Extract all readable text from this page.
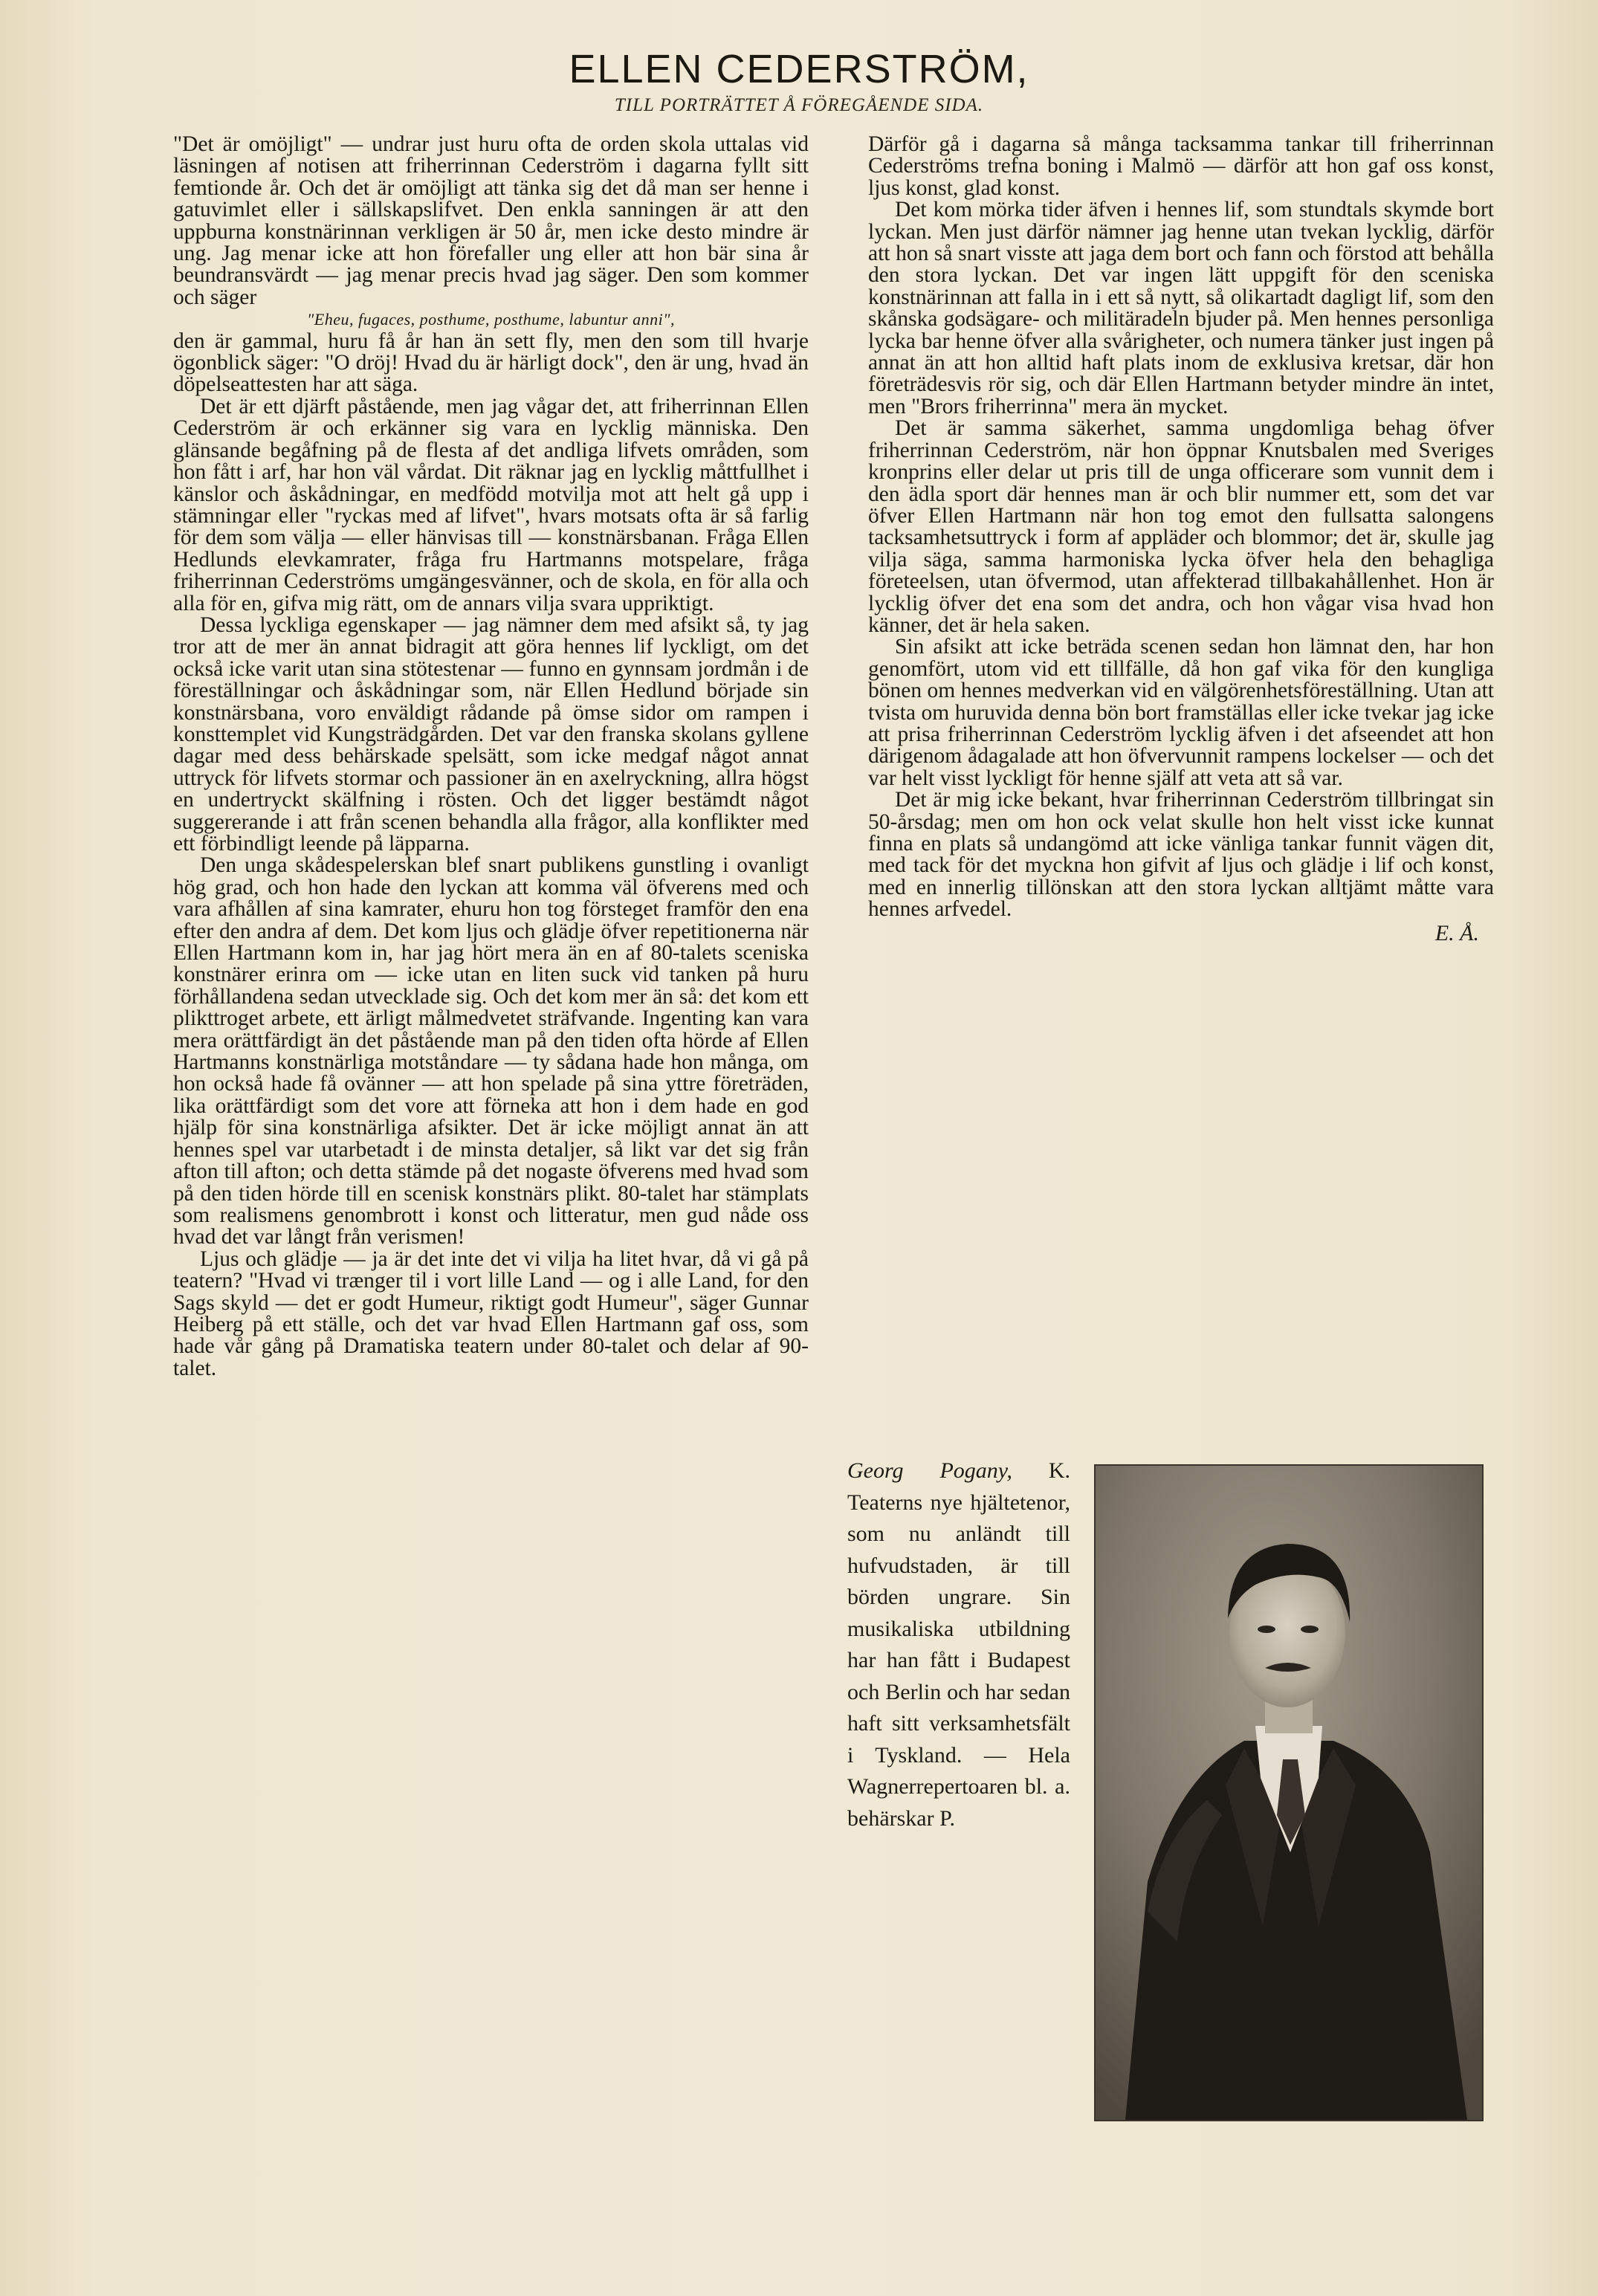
ELLEN CEDERSTRÖM,
TILL PORTRÄTTET Å FÖREGÅENDE SIDA.

"Det är omöjligt" — undrar just huru ofta de orden skola uttalas vid läsningen af notisen att friherrinnan Cederström i dagarna fyllt sitt femtionde år. Och det är omöjligt att tänka sig det då man ser henne i gatuvimlet eller i sällskapslifvet. Den enkla sanningen är att den uppburna konstnärinnan verkligen är 50 år, men icke desto mindre är ung. Jag menar icke att hon förefaller ung eller att hon bär sina år beundransvärdt — jag menar precis hvad jag säger. Den som kommer och säger

"Eheu, fugaces, posthume, posthume, labuntur anni",

den är gammal, huru få år han än sett fly, men den som till hvarje ögonblick säger: "O dröj! Hvad du är härligt dock", den är ung, hvad än döpelseattesten har att säga.

Det är ett djärft påstående, men jag vågar det, att friherrinnan Ellen Cederström är och erkänner sig vara en lycklig människa. Den glänsande begåfning på de flesta af det andliga lifvets områden, som hon fått i arf, har hon väl vårdat. Dit räknar jag en lycklig måttfullhet i känslor och åskådningar, en medfödd motvilja mot att helt gå upp i stämningar eller "ryckas med af lifvet", hvars motsats ofta är så farlig för dem som välja — eller hänvisas till — konstnärsbanan. Fråga Ellen Hedlunds elevkamrater, fråga fru Hartmanns motspelare, fråga friherrinnan Cederströms umgängesvänner, och de skola, en för alla och alla för en, gifva mig rätt, om de annars vilja svara uppriktigt.

Dessa lyckliga egenskaper — jag nämner dem med afsikt så, ty jag tror att de mer än annat bidragit att göra hennes lif lyckligt, om det också icke varit utan sina stötestenar — funno en gynnsam jordmån i de föreställningar och åskådningar som, när Ellen Hedlund började sin konstnärsbana, voro enväldigt rådande på ömse sidor om rampen i konsttemplet vid Kungsträdgården. Det var den franska skolans gyllene dagar med dess behärskade spelsätt, som icke medgaf något annat uttryck för lifvets stormar och passioner än en axelryckning, allra högst en undertryckt skälfning i rösten. Och det ligger bestämdt något suggererande i att från scenen behandla alla frågor, alla konflikter med ett förbindligt leende på läpparna.

Den unga skådespelerskan blef snart publikens gunstling i ovanligt hög grad, och hon hade den lyckan att komma väl öfverens med och vara afhållen af sina kamrater, ehuru hon tog försteget framför den ena efter den andra af dem. Det kom ljus och glädje öfver repetitionerna när Ellen Hartmann kom in, har jag hört mera än en af 80-talets sceniska konstnärer erinra om — icke utan en liten suck vid tanken på huru förhållandena sedan utvecklade sig. Och det kom mer än så: det kom ett plikttroget arbete, ett ärligt målmedvetet sträfvande. Ingenting kan vara mera orättfärdigt än det påstående man på den tiden ofta hörde af Ellen Hartmanns konstnärliga motståndare — ty sådana hade hon många, om hon också hade få ovänner — att hon spelade på sina yttre företräden, lika orättfärdigt som det vore att förneka att hon i dem hade en god hjälp för sina konstnärliga afsikter. Det är icke möjligt annat än att hennes spel var utarbetadt i de minsta detaljer, så likt var det sig från afton till afton; och detta stämde på det nogaste öfverens med hvad som på den tiden hörde till en scenisk konstnärs plikt. 80-talet har stämplats som realismens genombrott i konst och litteratur, men gud nåde oss hvad det var långt från verismen!

Ljus och glädje — ja är det inte det vi vilja ha litet hvar, då vi gå på teatern? "Hvad vi trænger til i vort lille Land — og i alle Land, for den Sags skyld — det er godt Humeur, riktigt godt Humeur", säger Gunnar Heiberg på ett ställe, och det var hvad Ellen Hartmann gaf oss, som hade vår gång på Dramatiska teatern under 80-talet och delar af 90-talet.

Därför gå i dagarna så många tacksamma tankar till friherrinnan Cederströms trefna boning i Malmö — därför att hon gaf oss konst, ljus konst, glad konst.

Det kom mörka tider äfven i hennes lif, som stundtals skymde bort lyckan. Men just därför nämner jag henne utan tvekan lycklig, därför att hon så snart visste att jaga dem bort och fann och förstod att behålla den stora lyckan. Det var ingen lätt uppgift för den sceniska konstnärinnan att falla in i ett så nytt, så olikartadt dagligt lif, som den skånska godsägare- och militäradeln bjuder på. Men hennes personliga lycka bar henne öfver alla svårigheter, och numera tänker just ingen på annat än att hon alltid haft plats inom de exklusiva kretsar, där hon företrädesvis rör sig, och där Ellen Hartmann betyder mindre än intet, men "Brors friherrinna" mera än mycket.

Det är samma säkerhet, samma ungdomliga behag öfver friherrinnan Cederström, när hon öppnar Knutsbalen med Sveriges kronprins eller delar ut pris till de unga officerare som vunnit dem i den ädla sport där hennes man är och blir nummer ett, som det var öfver Ellen Hartmann när hon tog emot den fullsatta salongens tacksamhetsuttryck i form af appläder och blommor; det är, skulle jag vilja säga, samma harmoniska lycka öfver hela den behagliga företeelsen, utan öfvermod, utan affekterad tillbakahållenhet. Hon är lycklig öfver det ena som det andra, och hon vågar visa hvad hon känner, det är hela saken.

Sin afsikt att icke beträda scenen sedan hon lämnat den, har hon genomfört, utom vid ett tillfälle, då hon gaf vika för den kungliga bönen om hennes medverkan vid en välgörenhetsföreställning. Utan att tvista om huruvida denna bön bort framställas eller icke tvekar jag icke att prisa friherrinnan Cederström lycklig äfven i det afseendet att hon därigenom ådagalade att hon öfvervunnit rampens lockelser — och det var helt visst lyckligt för henne själf att veta att så var.

Det är mig icke bekant, hvar friherrinnan Cederström tillbringat sin 50-årsdag; men om hon ock velat skulle hon helt visst icke kunnat finna en plats så undangömd att icke vänliga tankar funnit vägen dit, med tack för det myckna hon gifvit af ljus och glädje i lif och konst, med en innerlig tillönskan att den stora lyckan alltjämt måtte vara hennes arfvedel.

E. Å.
Georg Pogany, K. Teaterns nye hjältetenor, som nu anländt till hufvudstaden, är till börden ungrare. Sin musikaliska utbildning har han fått i Budapest och Berlin och har sedan haft sitt verksamhetsfält i Tyskland. — Hela Wagnerrepertoaren bl. a. behärskar P.
